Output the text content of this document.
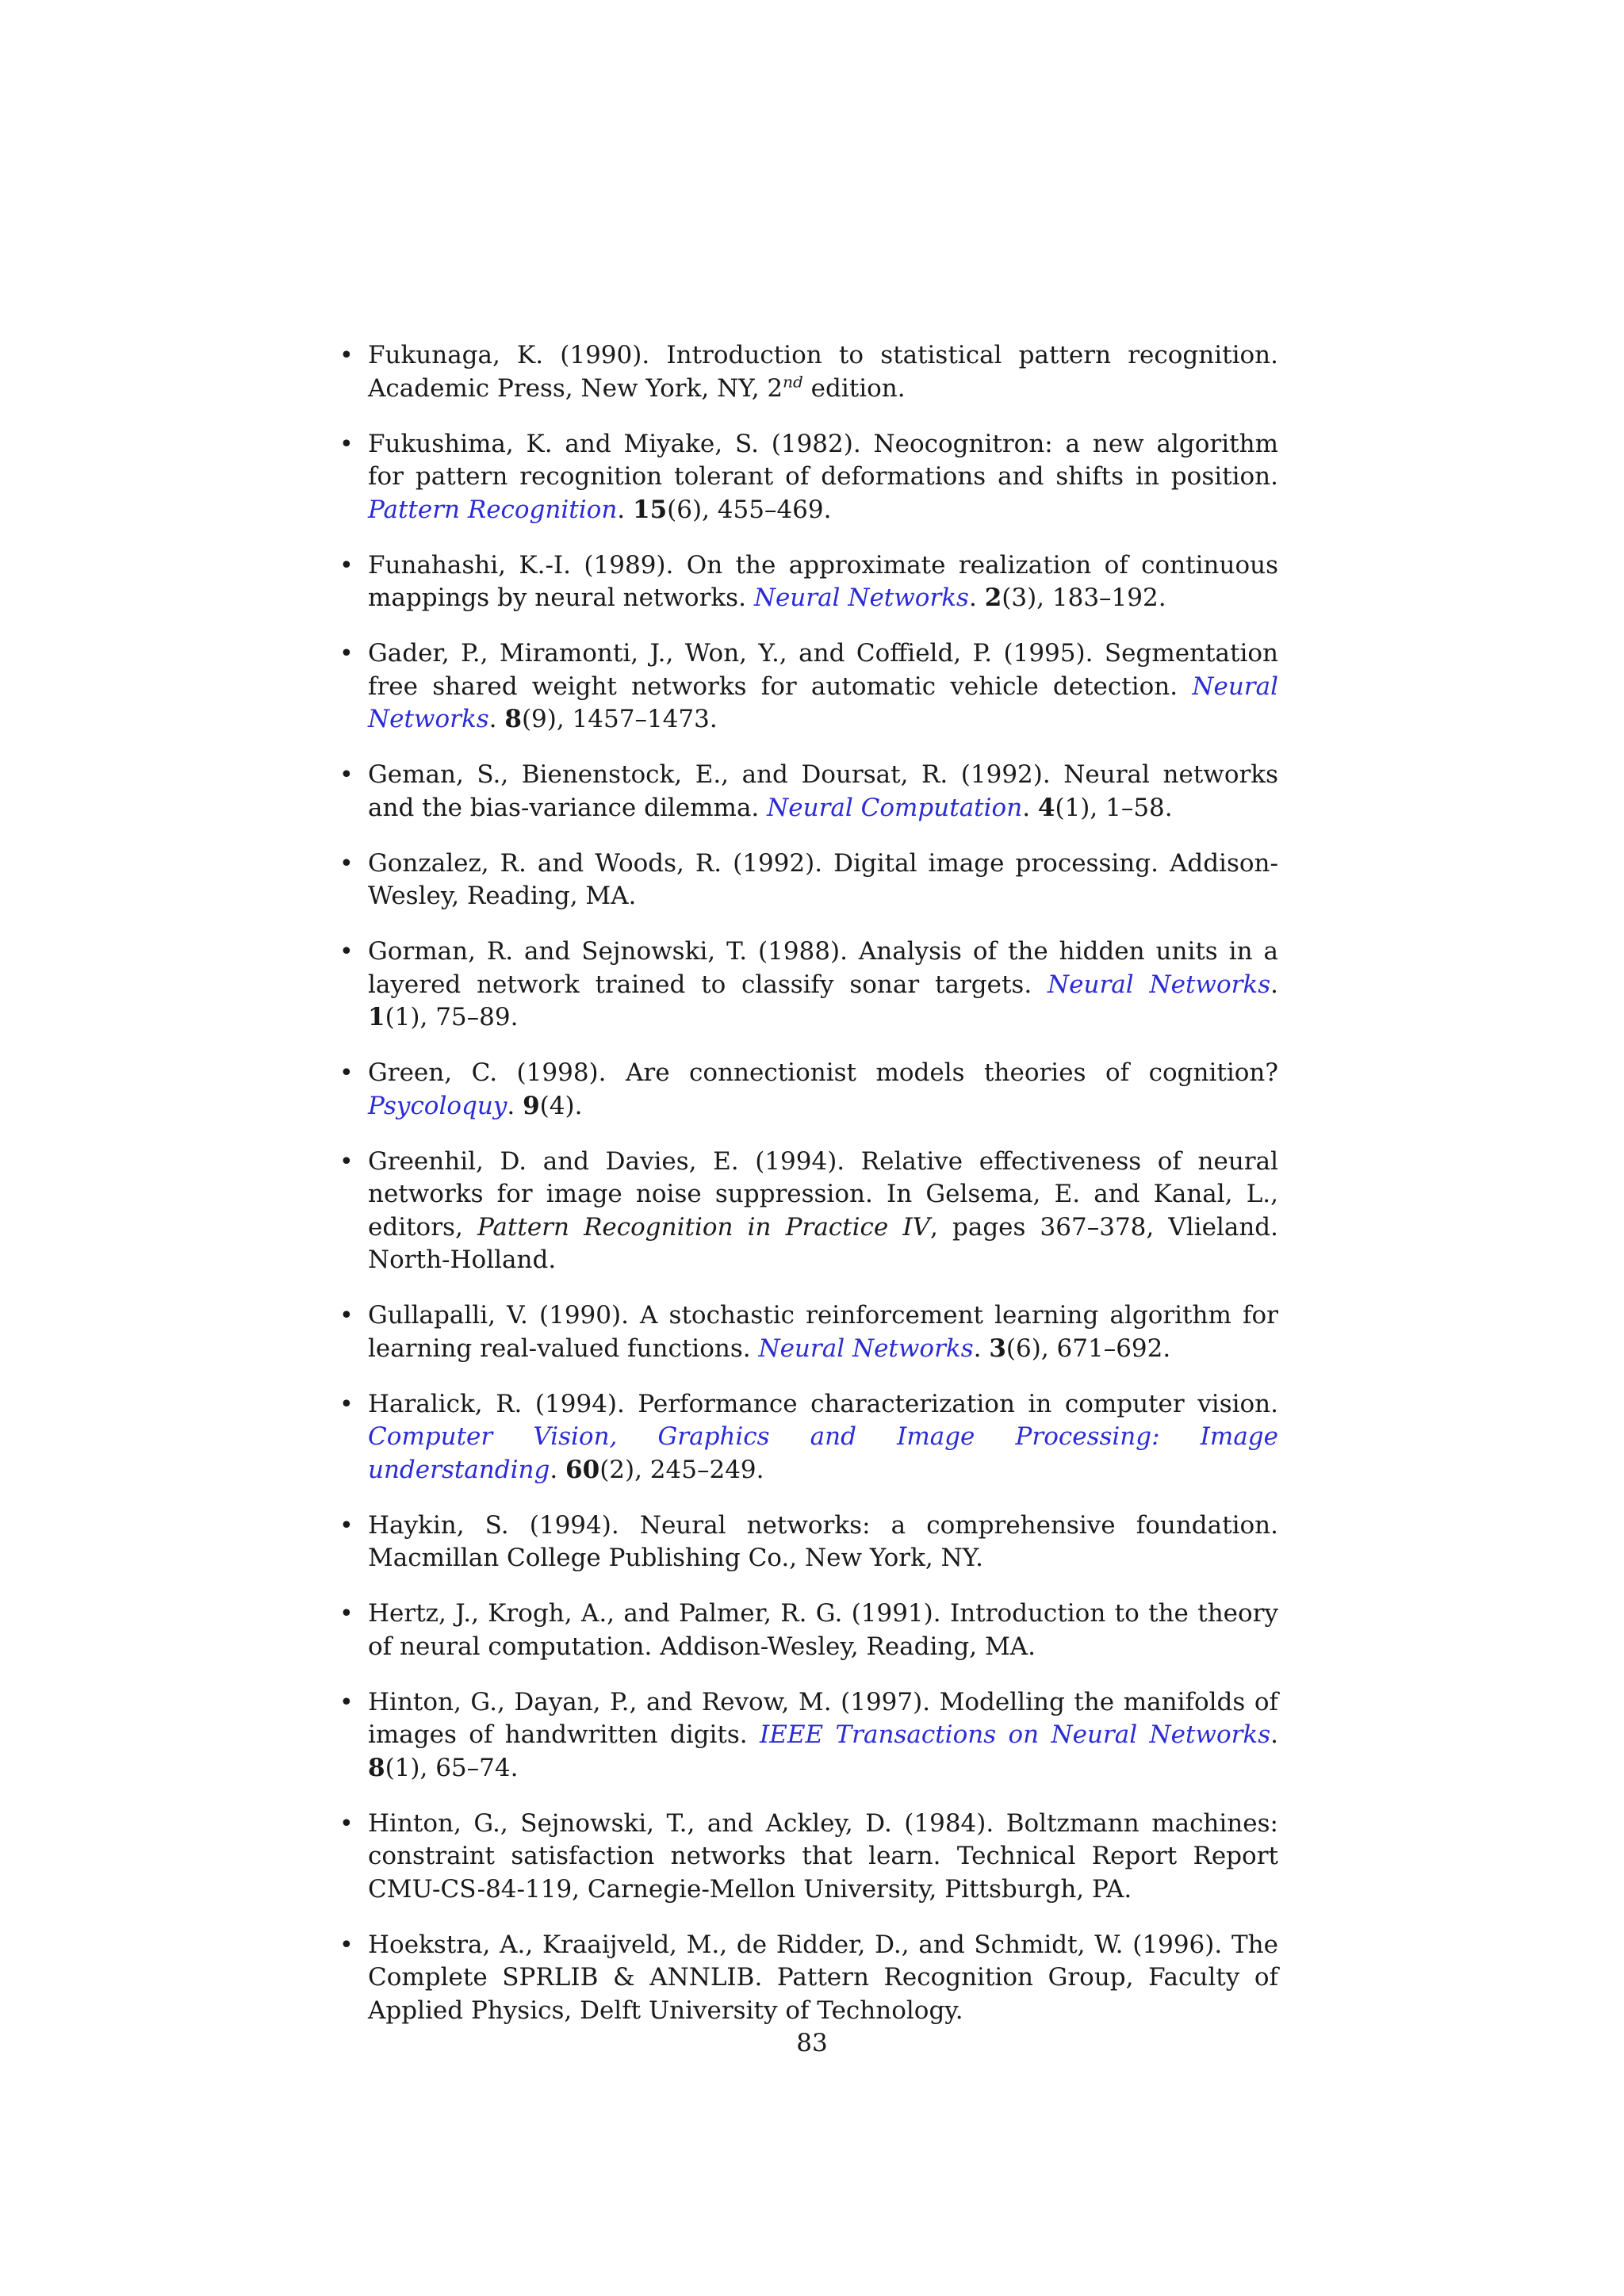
• Fukunaga, K. (1990). Introduction to statistical pattern recognition. Academic Press, New York, NY, 2nd edition.
• Fukushima, K. and Miyake, S. (1982). Neocognitron: a new algorithm for pattern recognition tolerant of deformations and shifts in position. Pattern Recognition. 15(6), 455–469.
• Funahashi, K.-I. (1989). On the approximate realization of continuous mappings by neural networks. Neural Networks. 2(3), 183–192.
• Gader, P., Miramonti, J., Won, Y., and Coffield, P. (1995). Segmentation free shared weight networks for automatic vehicle detection. Neural Networks. 8(9), 1457–1473.
• Geman, S., Bienenstock, E., and Doursat, R. (1992). Neural networks and the bias-variance dilemma. Neural Computation. 4(1), 1–58.
• Gonzalez, R. and Woods, R. (1992). Digital image processing. Addison-Wesley, Reading, MA.
• Gorman, R. and Sejnowski, T. (1988). Analysis of the hidden units in a layered network trained to classify sonar targets. Neural Networks. 1(1), 75–89.
• Green, C. (1998). Are connectionist models theories of cognition? Psycoloquy. 9(4).
• Greenhil, D. and Davies, E. (1994). Relative effectiveness of neural networks for image noise suppression. In Gelsema, E. and Kanal, L., editors, Pattern Recognition in Practice IV, pages 367–378, Vlieland. North-Holland.
• Gullapalli, V. (1990). A stochastic reinforcement learning algorithm for learning real-valued functions. Neural Networks. 3(6), 671–692.
• Haralick, R. (1994). Performance characterization in computer vision. Computer Vision, Graphics and Image Processing: Image understanding. 60(2), 245–249.
• Haykin, S. (1994). Neural networks: a comprehensive foundation. Macmillan College Publishing Co., New York, NY.
• Hertz, J., Krogh, A., and Palmer, R. G. (1991). Introduction to the theory of neural computation. Addison-Wesley, Reading, MA.
• Hinton, G., Dayan, P., and Revow, M. (1997). Modelling the manifolds of images of handwritten digits. IEEE Transactions on Neural Networks. 8(1), 65–74.
• Hinton, G., Sejnowski, T., and Ackley, D. (1984). Boltzmann machines: constraint satisfaction networks that learn. Technical Report Report CMU-CS-84-119, Carnegie-Mellon University, Pittsburgh, PA.
• Hoekstra, A., Kraaijveld, M., de Ridder, D., and Schmidt, W. (1996). The Complete SPRLIB & ANNLIB. Pattern Recognition Group, Faculty of Applied Physics, Delft University of Technology.
83
